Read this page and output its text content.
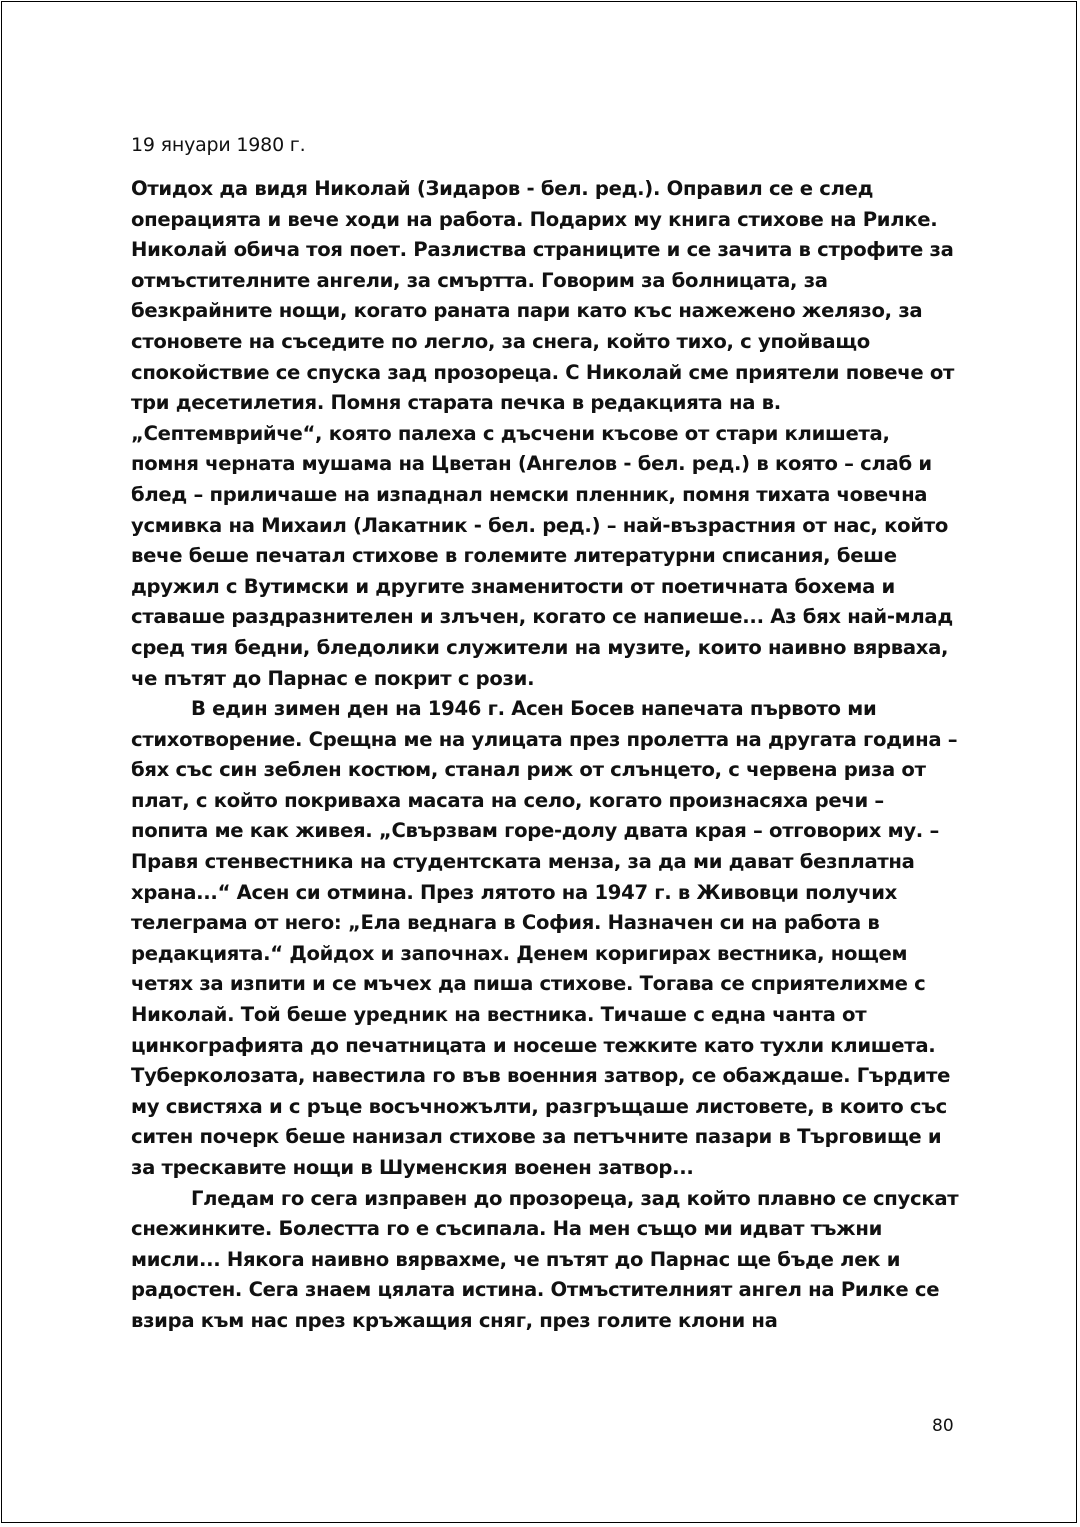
19 януари 1980 г.

Отидох да видя Николай (Зидаров - бел. ред.). Оправил се е след операцията и вече ходи на работа. Подарих му книга стихове на Рилке. Николай обича тоя поет. Разлиства страниците и се зачита в строфите за отмъстителните ангели, за смъртта. Говорим за болницата, за безкрайните нощи, когато раната пари като къс нажежено желязо, за стоновете на съседите по легло, за снега, който тихо, с упойващо спокойствие се спуска зад прозореца. С Николай сме приятели повече от три десетилетия. Помня старата печка в редакцията на в. „Септемврийче“, която палеха с дъсчени късове от стари клишета, помня черната мушама на Цветан (Ангелов - бел. ред.) в която – слаб и блед – приличаше на изпаднал немски пленник, помня тихата човечна усмивка на Михаил (Лакатник - бел. ред.) – най-възрастния от нас, който вече беше печатал стихове в големите литературни списания, беше дружил с Вутимски и другите знаменитости от поетичната бохема и ставаше раздразнителен и злъчен, когато се напиеше... Аз бях най-млад сред тия бедни, бледолики служители на музите, които наивно вярваха, че пътят до Парнас е покрит с рози.

В един зимен ден на 1946 г. Асен Босев напечата първото ми стихотворение. Срещна ме на улицата през пролетта на другата година – бях със син зеблен костюм, станал риж от слънцето, с червена риза от плат, с който покриваха масата на село, когато произнасяха речи – попита ме как живея. „Свързвам горе-долу двата края – отговорих му. – Правя стенвестника на студентската менза, за да ми дават безплатна храна...“ Асен си отмина. През лятото на 1947 г. в Живовци получих телеграма от него: „Ела веднага в София. Назначен си на работа в редакцията.“ Дойдох и започнах. Денем коригирах вестника, нощем четях за изпити и се мъчех да пиша стихове. Тогава се сприятелихме с Николай. Той беше уредник на вестника. Тичаше с една чанта от цинкографията до печатницата и носеше тежките като тухли клишета. Туберколозата, навестила го във военния затвор, се обаждаше. Гърдите му свистяха и с ръце восъчножълти, разгръщаше листовете, в които със ситен почерк беше нанизал стихове за петъчните пазари в Търговище и за трескавите нощи в Шуменския военен затвор...

Гледам го сега изправен до прозореца, зад който плавно се спускат снежинките. Болестта го е съсипала. На мен също ми идват тъжни мисли... Някога наивно вярвахме, че пътят до Парнас ще бъде лек и радостен. Сега знаем цялата истина. Отмъстителният ангел на Рилке се взира към нас през кръжащия сняг, през голите клони на

80
